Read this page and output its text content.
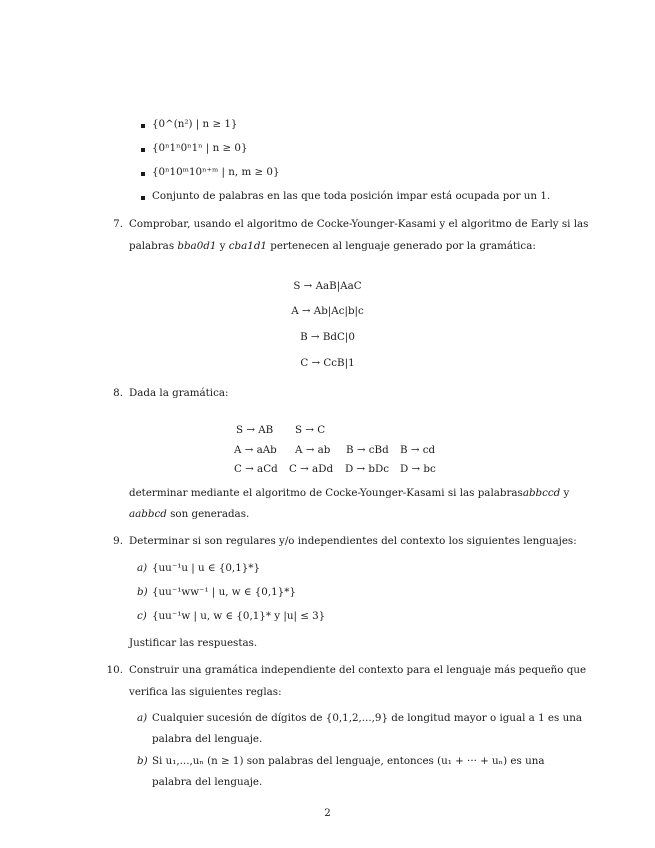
{0^(n²) | n ≥ 1}
{0ⁿ1ⁿ0ⁿ1ⁿ | n ≥ 0}
{0ⁿ10ᵐ10ⁿ⁺ᵐ | n, m ≥ 0}
Conjunto de palabras en las que toda posición impar está ocupada por un 1.
7. Comprobar, usando el algoritmo de Cocke-Younger-Kasami y el algoritmo de Early si las
palabras bba0d1 y cba1d1 pertenecen al lenguaje generado por la gramática:
S → AaB|AaC
A → Ab|Ac|b|c
B → BdC|0
C → CcB|1
8. Dada la gramática:
S → AB S → C
A → aAb A → ab B → cBd B → cd
C → aCd C → aDd D → bDc D → bc
determinar mediante el algoritmo de Cocke-Younger-Kasami si las palabras abbccd y
aabbcd son generadas.
9. Determinar si son regulares y/o independientes del contexto los siguientes lenguajes:
a) {uu⁻¹u | u ∈ {0,1}*}
b) {uu⁻¹ww⁻¹ | u, w ∈ {0,1}*}
c) {uu⁻¹w | u, w ∈ {0,1}* y |u| ≤ 3}
Justificar las respuestas.
10. Construir una gramática independiente del contexto para el lenguaje más pequeño que
verifica las siguientes reglas:
a) Cualquier sucesión de dígitos de {0,1,2,...,9} de longitud mayor o igual a 1 es una
palabra del lenguaje.
b) Si u₁,...,uₙ (n ≥ 1) son palabras del lenguaje, entonces (u₁ + ··· + uₙ) es una
palabra del lenguaje.
2
